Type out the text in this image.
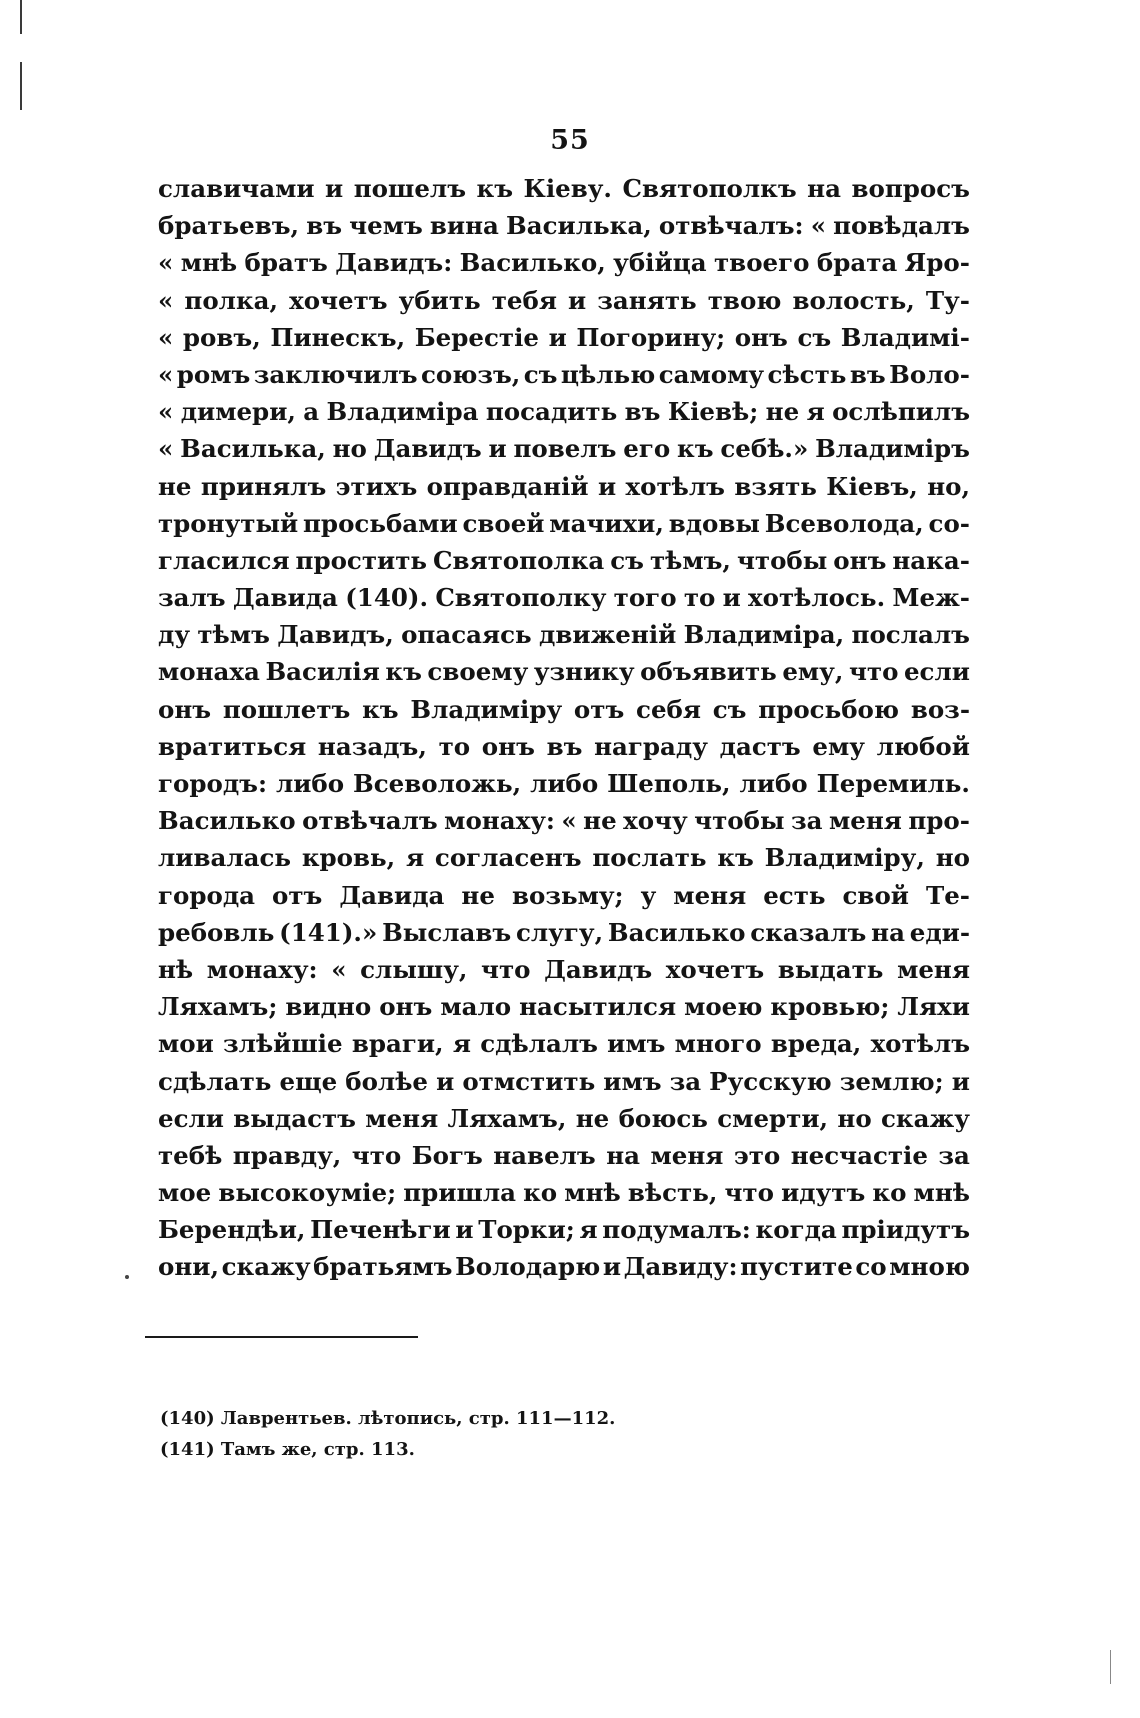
55
славичами и пошелъ къ Кіеву. Святополкъ на вопросъ
братьевъ, въ чемъ вина Василька, отвѣчалъ: « повѣдалъ
« мнѣ братъ Давидъ: Василько, убійца твоего брата Яро-
« полка, хочетъ убить тебя и занять твою волость, Ту-
« ровъ, Пинескъ, Берестіе и Погорину; онъ съ Владимі-
« ромъ заключилъ союзъ, съ цѣлью самому сѣсть въ Воло-
« димери, а Владиміра посадить въ Кіевѣ; не я ослѣпилъ
« Василька, но Давидъ и повелъ его къ себѣ.» Владиміръ
не принялъ этихъ оправданій и хотѣлъ взять Кіевъ, но,
тронутый просьбами своей мачихи, вдовы Всеволода, со-
гласился простить Святополка съ тѣмъ, чтобы онъ нака-
залъ Давида (140). Святополку того то и хотѣлось. Меж-
ду тѣмъ Давидъ, опасаясь движеній Владиміра, послалъ
монаха Василія къ своему узнику объявить ему, что если
онъ пошлетъ къ Владиміру отъ себя съ просьбою воз-
вратиться назадъ, то онъ въ награду дастъ ему любой
городъ: либо Всеволожь, либо Шеполь, либо Перемиль.
Василько отвѣчалъ монаху: « не хочу чтобы за меня про-
ливалась кровь, я согласенъ послать къ Владиміру, но
города отъ Давида не возьму; у меня есть свой Те-
ребовль (141).» Выславъ слугу, Василько сказалъ на еди-
нѣ монаху: « слышу, что Давидъ хочетъ выдать меня
Ляхамъ; видно онъ мало насытился моею кровью; Ляхи
мои злѣйшіе враги, я сдѣлалъ имъ много вреда, хотѣлъ
сдѣлать еще болѣе и отмстить имъ за Русскую землю; и
если выдастъ меня Ляхамъ, не боюсь смерти, но скажу
тебѣ правду, что Богъ навелъ на меня это несчастіе за
мое высокоуміе; пришла ко мнѣ вѣсть, что идутъ ко мнѣ
Берендѣи, Печенѣги и Торки; я подумалъ: когда пріидутъ
они, скажу братьямъ Володарю и Давиду: пустите со мною
(140) Лаврентьев. лѣтопись, стр. 111—112.
(141) Тамъ же, стр. 113.
